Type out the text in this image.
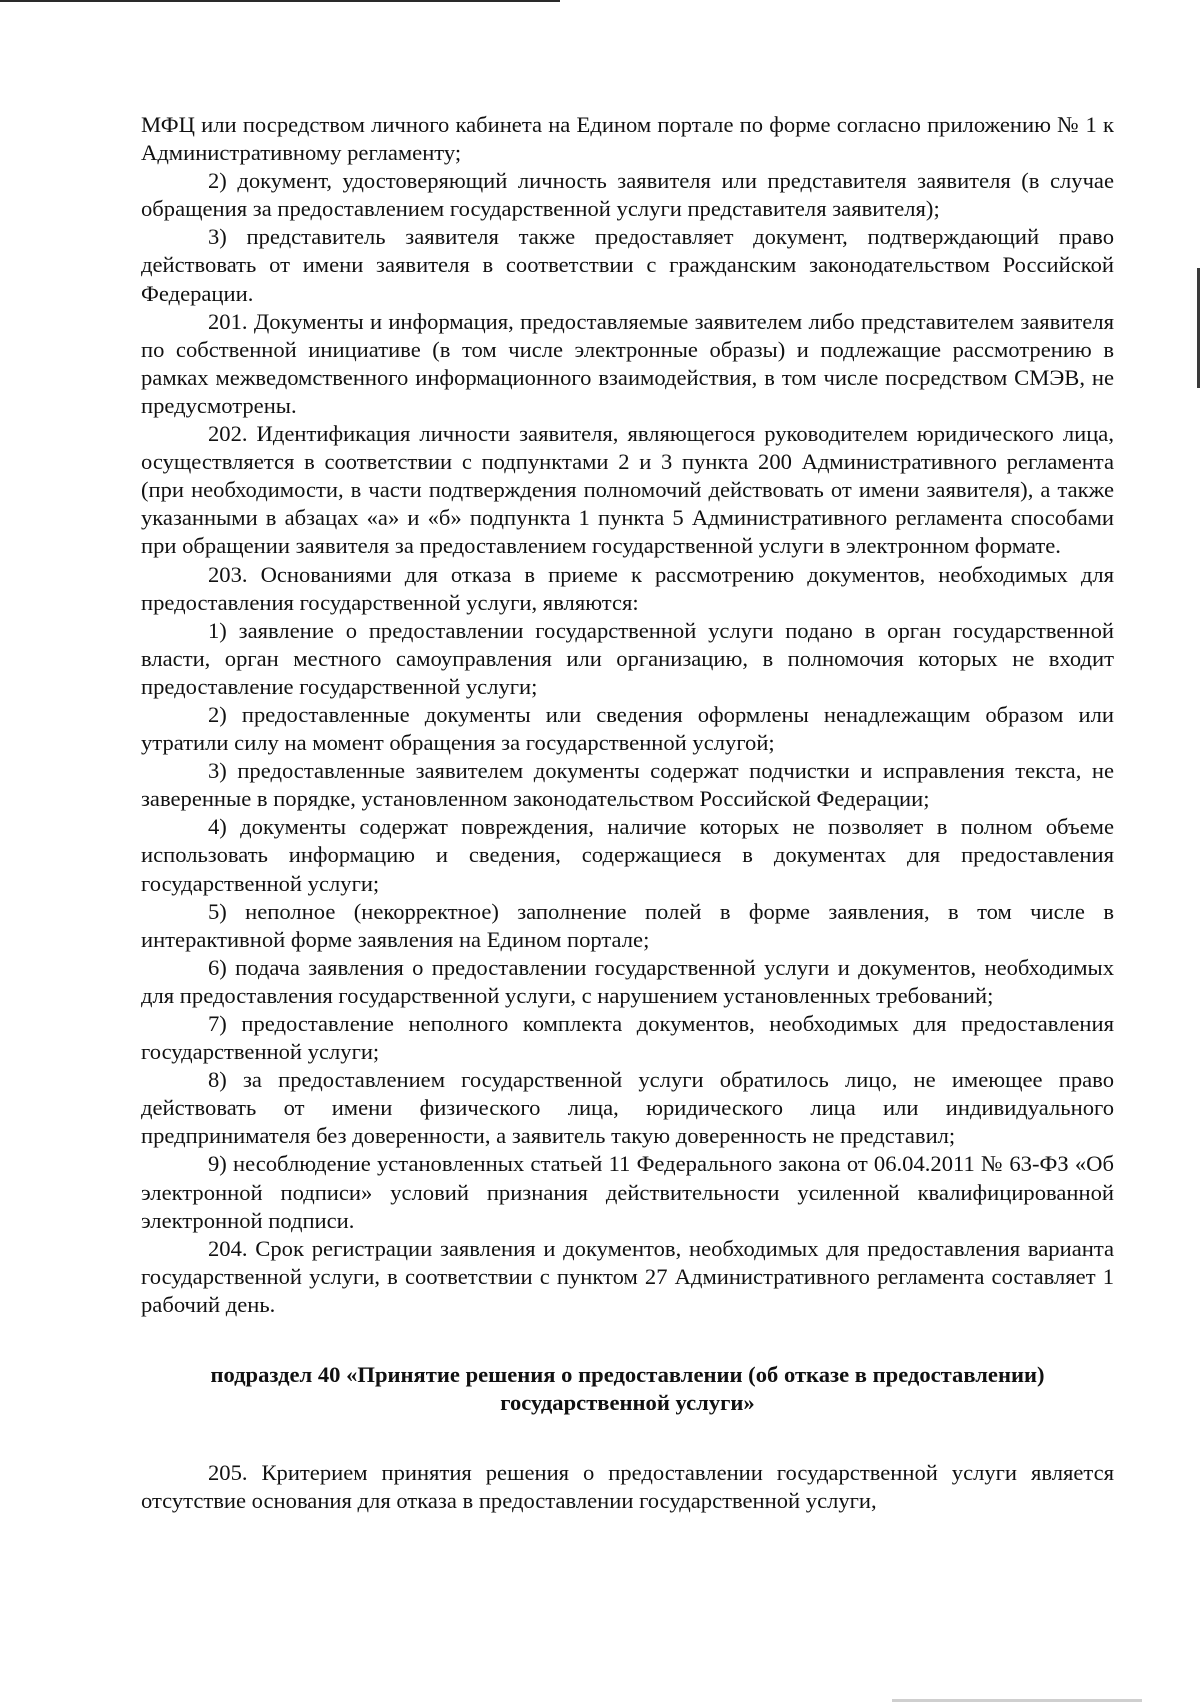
МФЦ или посредством личного кабинета на Едином портале по форме согласно приложению № 1 к Административному регламенту;

2) документ, удостоверяющий личность заявителя или представителя заявителя (в случае обращения за предоставлением государственной услуги представителя заявителя);

3) представитель заявителя также предоставляет документ, подтверждающий право действовать от имени заявителя в соответствии с гражданским законодательством Российской Федерации.

201. Документы и информация, предоставляемые заявителем либо представителем заявителя по собственной инициативе (в том числе электронные образы) и подлежащие рассмотрению в рамках межведомственного информационного взаимодействия, в том числе посредством СМЭВ, не предусмотрены.

202. Идентификация личности заявителя, являющегося руководителем юридического лица, осуществляется в соответствии с подпунктами 2 и 3 пункта 200 Административного регламента (при необходимости, в части подтверждения полномочий действовать от имени заявителя), а также указанными в абзацах «а» и «б» подпункта 1 пункта 5 Административного регламента способами при обращении заявителя за предоставлением государственной услуги в электронном формате.

203. Основаниями для отказа в приеме к рассмотрению документов, необходимых для предоставления государственной услуги, являются:

1) заявление о предоставлении государственной услуги подано в орган государственной власти, орган местного самоуправления или организацию, в полномочия которых не входит предоставление государственной услуги;

2) предоставленные документы или сведения оформлены ненадлежащим образом или утратили силу на момент обращения за государственной услугой;

3) предоставленные заявителем документы содержат подчистки и исправления текста, не заверенные в порядке, установленном законодательством Российской Федерации;

4) документы содержат повреждения, наличие которых не позволяет в полном объеме использовать информацию и сведения, содержащиеся в документах для предоставления государственной услуги;

5) неполное (некорректное) заполнение полей в форме заявления, в том числе в интерактивной форме заявления на Едином портале;

6) подача заявления о предоставлении государственной услуги и документов, необходимых для предоставления государственной услуги, с нарушением установленных требований;

7) предоставление неполного комплекта документов, необходимых для предоставления государственной услуги;

8) за предоставлением государственной услуги обратилось лицо, не имеющее право действовать от имени физического лица, юридического лица или индивидуального предпринимателя без доверенности, а заявитель такую доверенность не представил;

9) несоблюдение установленных статьей 11 Федерального закона от 06.04.2011 № 63-ФЗ «Об электронной подписи» условий признания действительности усиленной квалифицированной электронной подписи.

204. Срок регистрации заявления и документов, необходимых для предоставления варианта государственной услуги, в соответствии с пунктом 27 Административного регламента составляет 1 рабочий день.

подраздел 40 «Принятие решения о предоставлении (об отказе в предоставлении)
государственной услуги»

205. Критерием принятия решения о предоставлении государственной услуги является отсутствие основания для отказа в предоставлении государственной услуги,
